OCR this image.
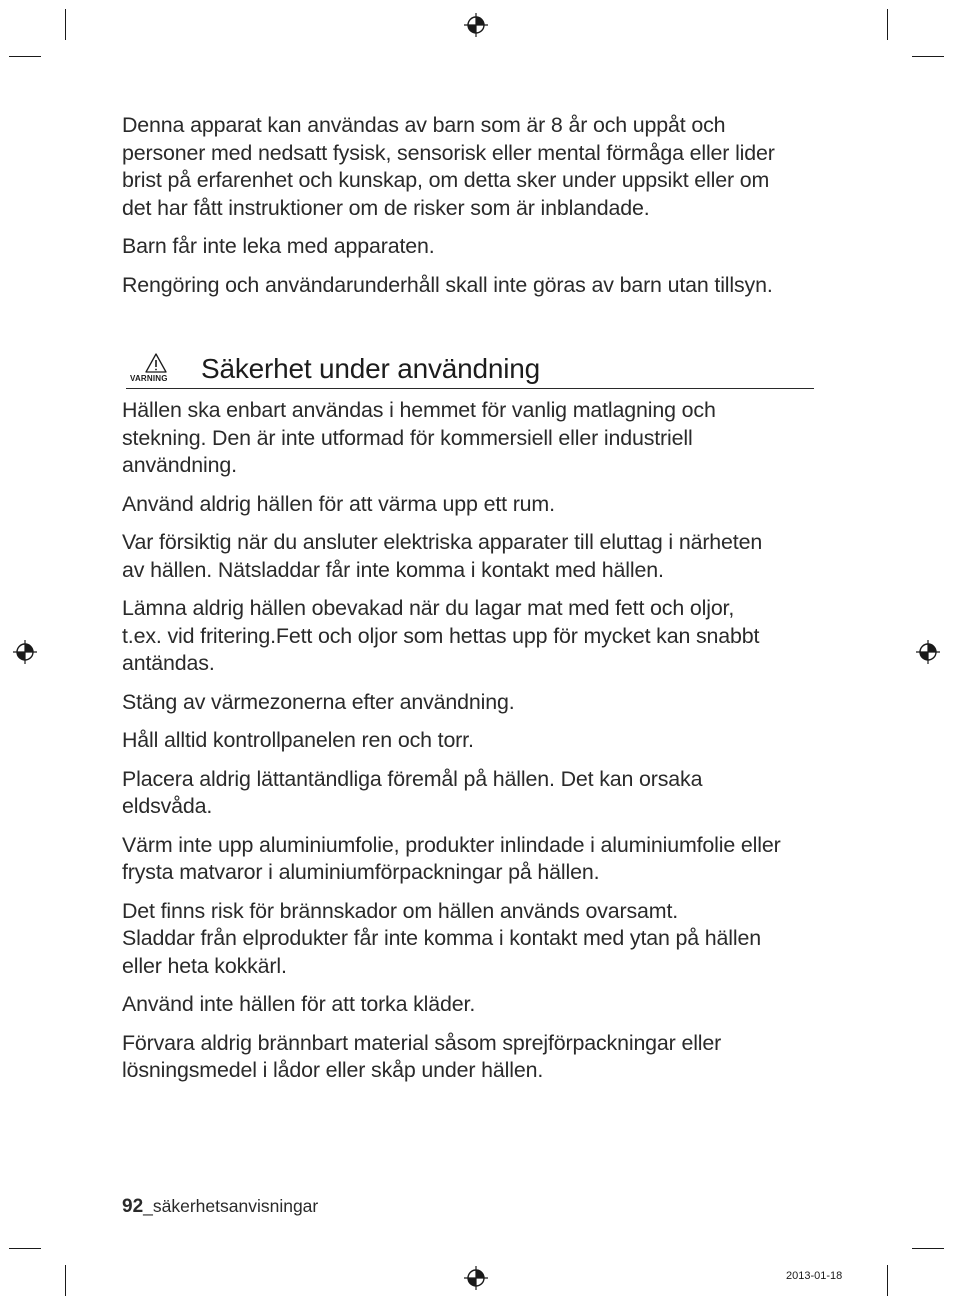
Denna apparat kan användas av barn som är 8 år och uppåt och
personer med nedsatt fysisk, sensorisk eller mental förmåga eller lider
brist på erfarenhet och kunskap, om detta sker under uppsikt eller om
det har fått instruktioner om de risker som är inblandade.

Barn får inte leka med apparaten.

Rengöring och användarunderhåll skall inte göras av barn utan tillsyn.

VARNING Säkerhet under användning

Hällen ska enbart användas i hemmet för vanlig matlagning och
stekning. Den är inte utformad för kommersiell eller industriell
användning.

Använd aldrig hällen för att värma upp ett rum.

Var försiktig när du ansluter elektriska apparater till eluttag i närheten
av hällen. Nätsladdar får inte komma i kontakt med hällen.

Lämna aldrig hällen obevakad när du lagar mat med fett och oljor,
t.ex. vid fritering.Fett och oljor som hettas upp för mycket kan snabbt
antändas.

Stäng av värmezonerna efter användning.

Håll alltid kontrollpanelen ren och torr.

Placera aldrig lättantändliga föremål på hällen. Det kan orsaka
eldsvåda.

Värm inte upp aluminiumfolie, produkter inlindade i aluminiumfolie eller
frysta matvaror i aluminiumförpackningar på hällen.

Det finns risk för brännskador om hällen används ovarsamt.
Sladdar från elprodukter får inte komma i kontakt med ytan på hällen
eller heta kokkärl.

Använd inte hällen för att torka kläder.

Förvara aldrig brännbart material såsom sprejförpackningar eller
lösningsmedel i lådor eller skåp under hällen.

92_säkerhetsanvisningar
2013-01-18
